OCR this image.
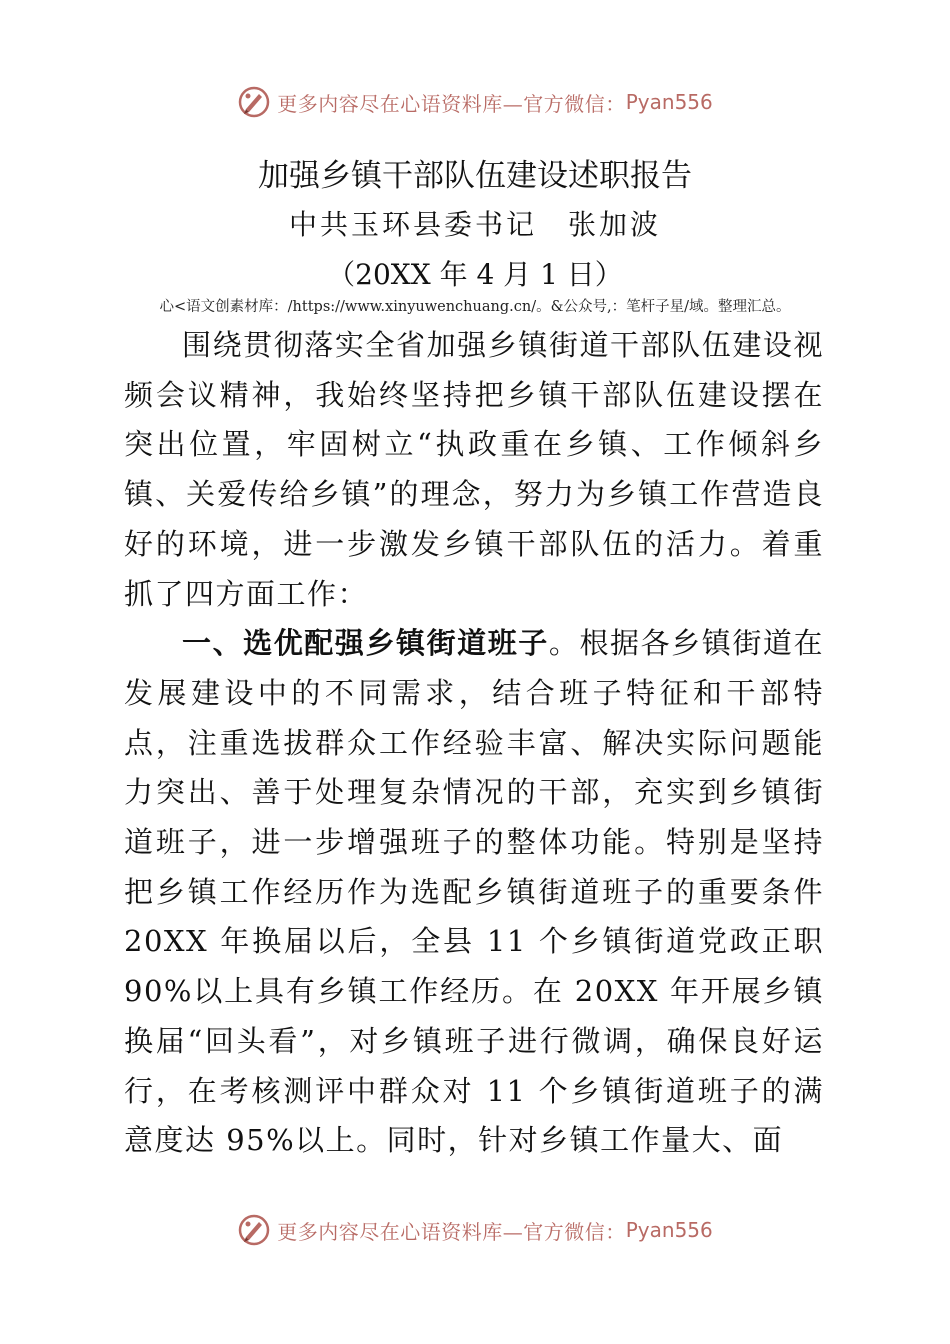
更多内容尽在心语资料库—官方微信： Pyan556
加强乡镇干部队伍建设述职报告
中共玉环县委书记　张加波
（20XX 年 4 月 1 日）
心<语文创素材库：/https://www.xinyuwenchuang.cn/。&公众号,：笔杆子星/域。整理汇总。

围绕贯彻落实全省加强乡镇街道干部队伍建设视频会议精神，我始终坚持把乡镇干部队伍建设摆在突出位置，牢固树立“执政重在乡镇、工作倾斜乡镇、关爱传给乡镇”的理念，努力为乡镇工作营造良好的环境，进一步激发乡镇干部队伍的活力。着重抓了四方面工作：

一、选优配强乡镇街道班子。根据各乡镇街道在发展建设中的不同需求，结合班子特征和干部特点，注重选拔群众工作经验丰富、解决实际问题能力突出、善于处理复杂情况的干部，充实到乡镇街道班子，进一步增强班子的整体功能。特别是坚持把乡镇工作经历作为选配乡镇街道班子的重要条件 20XX 年换届以后，全县 11 个乡镇街道党政正职 90%以上具有乡镇工作经历。在 20XX 年开展乡镇换届“回头看”，对乡镇班子进行微调，确保良好运行，在考核测评中群众对 11 个乡镇街道班子的满意度达 95%以上。同时，针对乡镇工作量大、面

更多内容尽在心语资料库—官方微信： Pyan556
